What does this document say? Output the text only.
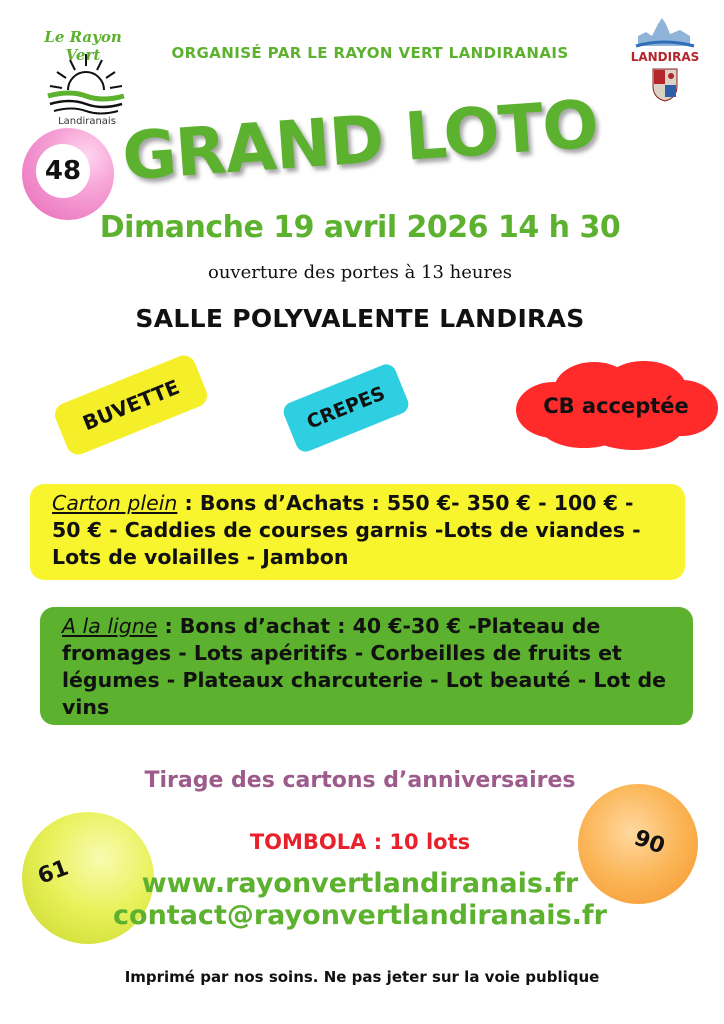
Le Rayon Vert
Landiranais
ORGANISÉ PAR LE RAYON VERT LANDIRANAIS	LANDIRAS
GRAND LOTO
48
61
90
Dimanche 19 avril 2026 14 h 30
ouverture des portes à 13 heures
SALLE POLYVALENTE LANDIRAS
BUVETTE	CREPES	CB acceptée
Carton plein : Bons d’Achats : 550 €- 350 € - 100 € - 50 € - Caddies de courses garnis -Lots de viandes - Lots de volailles - Jambon
A la ligne : Bons d’achat : 40 €-30 € -Plateau de fromages - Lots apéritifs - Corbeilles de fruits et légumes - Plateaux charcuterie - Lot beauté - Lot de vins
Tirage des cartons d’anniversaires
TOMBOLA : 10 lots
www.rayonvertlandiranais.fr
contact@rayonvertlandiranais.fr
Imprimé par nos soins. Ne pas jeter sur la voie publique
